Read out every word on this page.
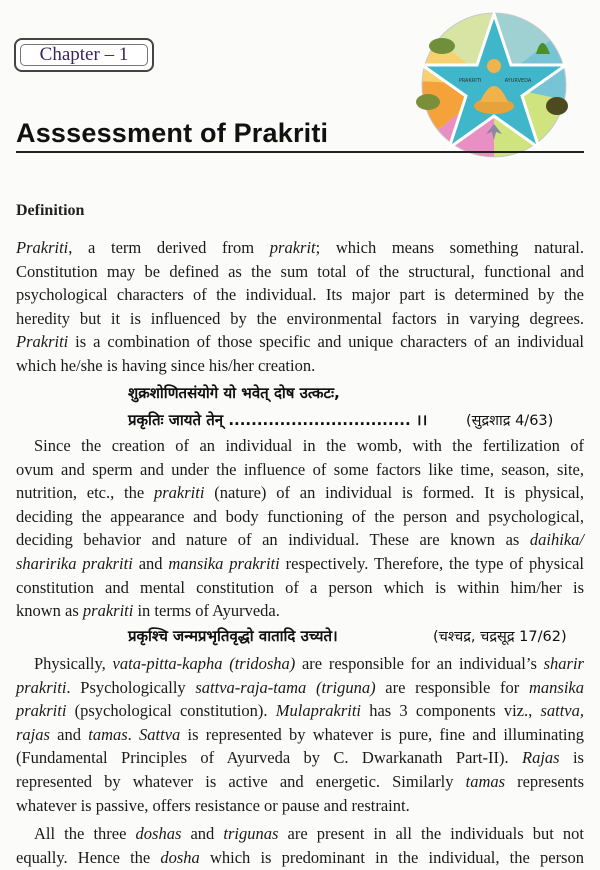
Chapter – 1
PRAKRITI	AYURVEDA
Asssessment of Prakriti
Definition

Prakriti, a term derived from prakrit; which means something natural.
Constitution may be defined as the sum total of the structural, functional and
psychological characters of the individual. Its major part is determined by the
heredity but it is influenced by the environmental factors in varying degrees.
Prakriti is a combination of those specific and unique characters of an individual
which he/she is having since his/her creation.

शुक्रशोणितसंयोगे यो भवेत् दोष उत्कटः,
प्रकृतिः जायते तेन् ................................ ।।	(सुद्रशाद्र 4/63)

Since the creation of an individual in the womb, with the fertilization of
ovum and sperm and under the influence of some factors like time, season, site,
nutrition, etc., the prakriti (nature) of an individual is formed. It is physical,
deciding the appearance and body functioning of the person and psychological,
deciding behavior and nature of an individual. These are known as daihika/
sharirika prakriti and mansika prakriti respectively. Therefore, the type of physical
constitution and mental constitution of a person which is within him/her is
known as prakriti in terms of Ayurveda.

प्रकृश्चि जन्मप्रभृतिवृद्धो वातादि उच्यते।	(चश्चद्र, चद्रसूद्र 17/62)

Physically, vata-pitta-kapha (tridosha) are responsible for an individual’s sharir
prakriti. Psychologically sattva-raja-tama (triguna) are responsible for mansika
prakriti (psychological constitution). Mulaprakriti has 3 components viz., sattva,
rajas and tamas. Sattva is represented by whatever is pure, fine and illuminating
(Fundamental Principles of Ayurveda by C. Dwarkanath Part-II). Rajas is
represented by whatever is active and energetic. Similarly tamas represents
whatever is passive, offers resistance or pause and restraint.

All the three doshas and trigunas are present in all the individuals but not
equally. Hence the dosha which is predominant in the individual, the person
